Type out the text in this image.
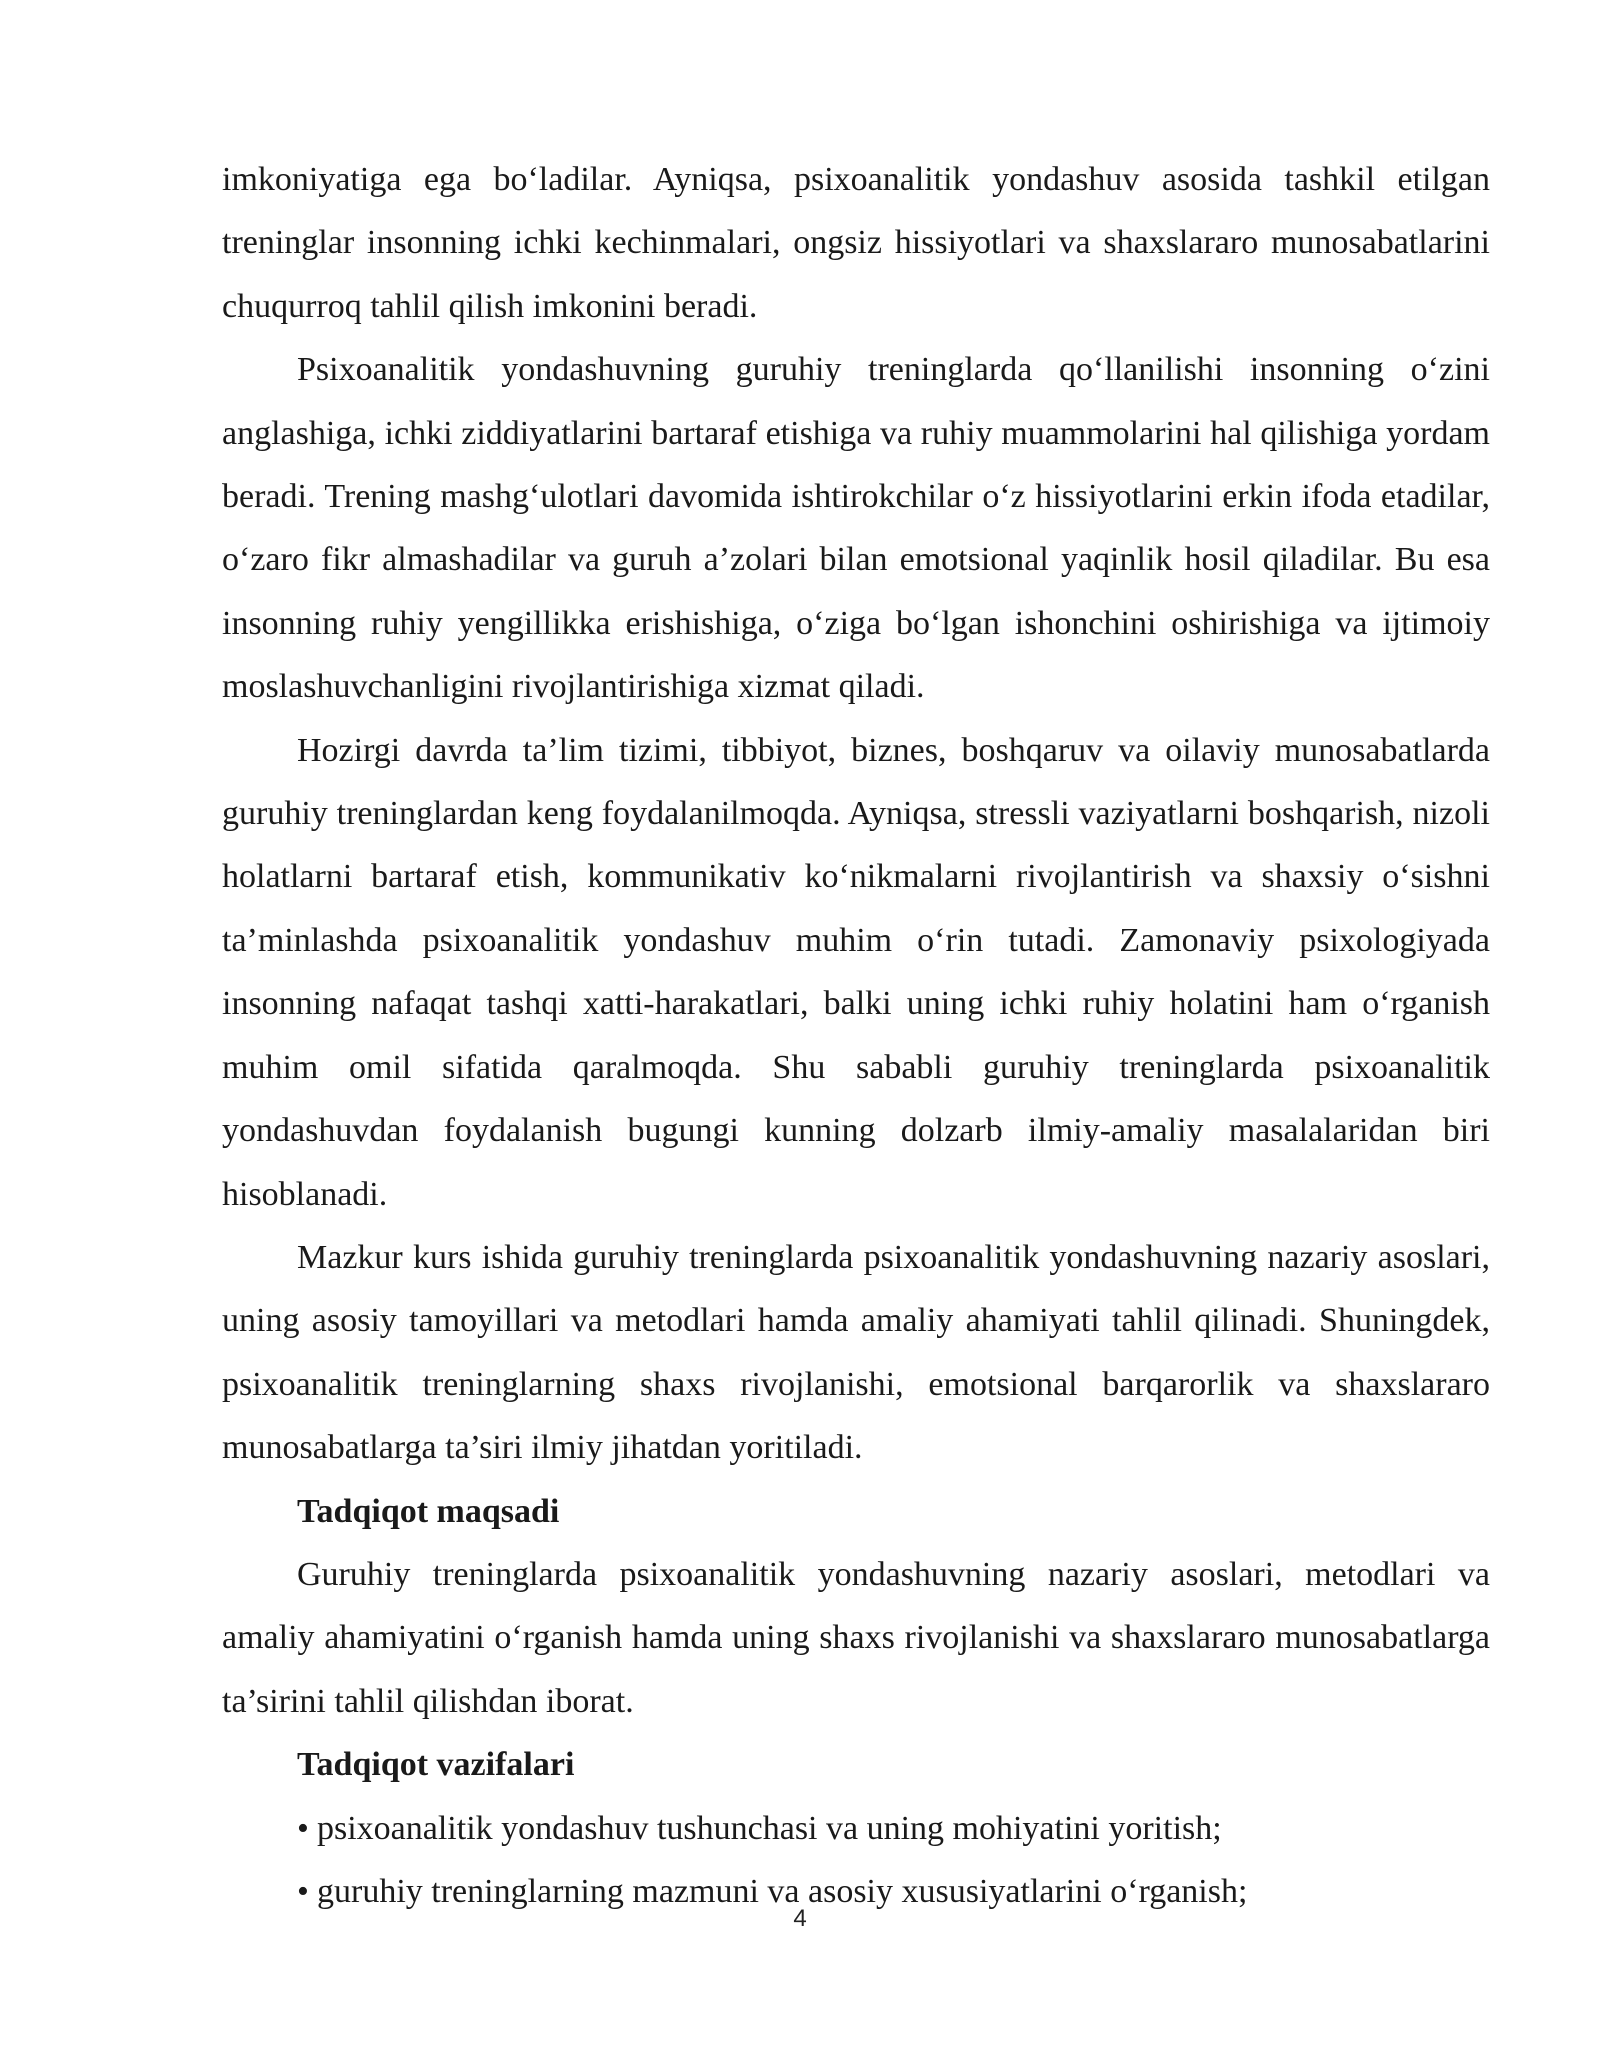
imkoniyatiga ega bo‘ladilar. Ayniqsa, psixoanalitik yondashuv asosida tashkil etilgan treninglar insonning ichki kechinmalari, ongsiz hissiyotlari va shaxslararo munosabatlarini chuqurroq tahlil qilish imkonini beradi.

Psixoanalitik yondashuvning guruhiy treninglarda qo‘llanilishi insonning o‘zini anglashiga, ichki ziddiyatlarini bartaraf etishiga va ruhiy muammolarini hal qilishiga yordam beradi. Trening mashg‘ulotlari davomida ishtirokchilar o‘z hissiyotlarini erkin ifoda etadilar, o‘zaro fikr almashadilar va guruh a’zolari bilan emotsional yaqinlik hosil qiladilar. Bu esa insonning ruhiy yengillikka erishishiga, o‘ziga bo‘lgan ishonchini oshirishiga va ijtimoiy moslashuvchanligini rivojlantirishiga xizmat qiladi.

Hozirgi davrda ta’lim tizimi, tibbiyot, biznes, boshqaruv va oilaviy munosabatlarda guruhiy treninglardan keng foydalanilmoqda. Ayniqsa, stressli vaziyatlarni boshqarish, nizoli holatlarni bartaraf etish, kommunikativ ko‘nikmalarni rivojlantirish va shaxsiy o‘sishni ta’minlashda psixoanalitik yondashuv muhim o‘rin tutadi. Zamonaviy psixologiyada insonning nafaqat tashqi xatti-harakatlari, balki uning ichki ruhiy holatini ham o‘rganish muhim omil sifatida qaralmoqda. Shu sababli guruhiy treninglarda psixoanalitik yondashuvdan foydalanish bugungi kunning dolzarb ilmiy-amaliy masalalaridan biri hisoblanadi.

Mazkur kurs ishida guruhiy treninglarda psixoanalitik yondashuvning nazariy asoslari, uning asosiy tamoyillari va metodlari hamda amaliy ahamiyati tahlil qilinadi. Shuningdek, psixoanalitik treninglarning shaxs rivojlanishi, emotsional barqarorlik va shaxslararo munosabatlarga ta’siri ilmiy jihatdan yoritiladi.

Tadqiqot maqsadi

Guruhiy treninglarda psixoanalitik yondashuvning nazariy asoslari, metodlari va amaliy ahamiyatini o‘rganish hamda uning shaxs rivojlanishi va shaxslararo munosabatlarga ta’sirini tahlil qilishdan iborat.

Tadqiqot vazifalari
• psixoanalitik yondashuv tushunchasi va uning mohiyatini yoritish;
• guruhiy treninglarning mazmuni va asosiy xususiyatlarini o‘rganish;
4
